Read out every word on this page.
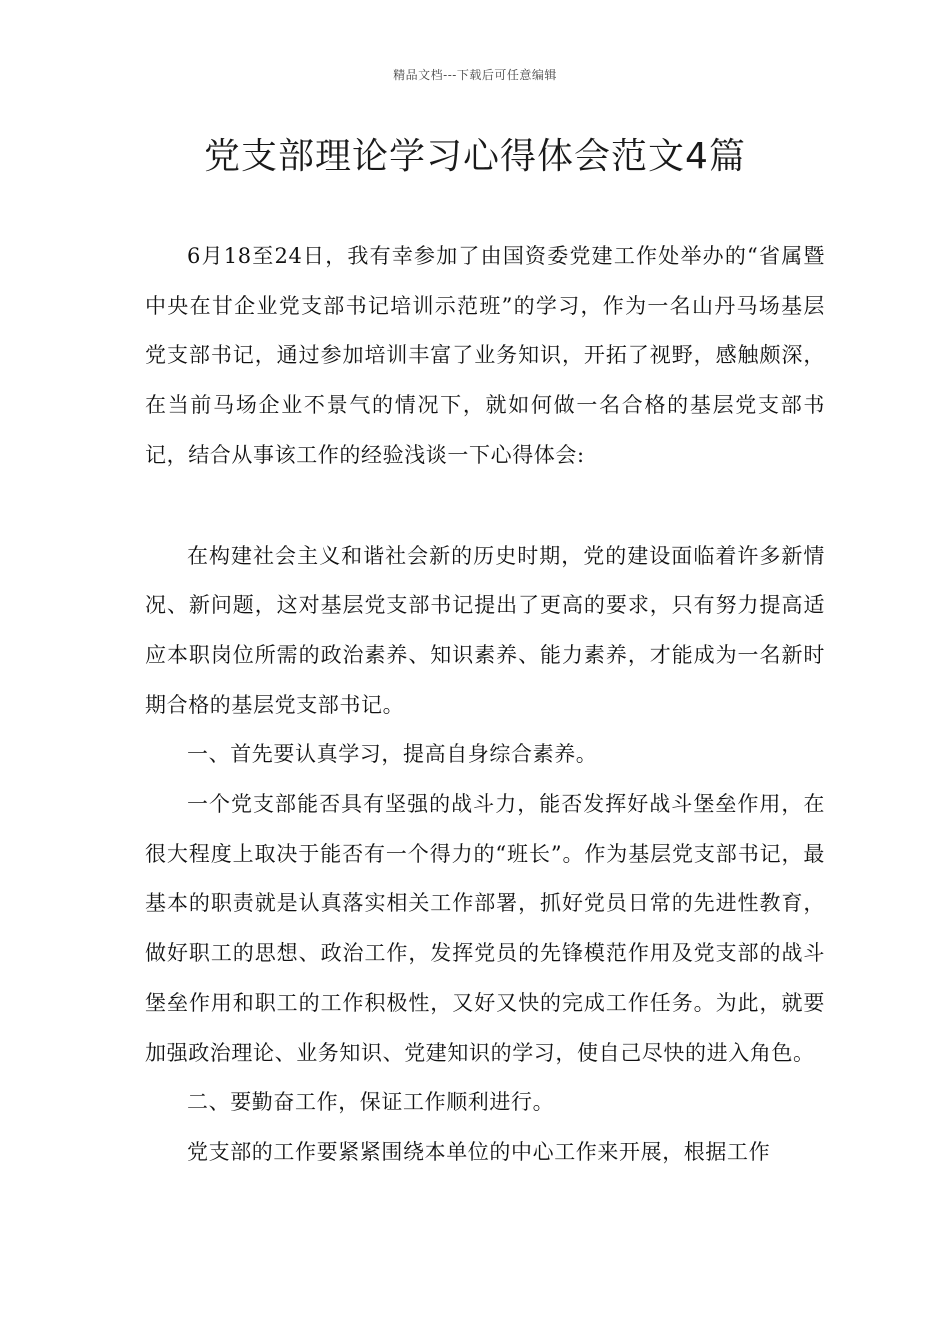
精品文档---下载后可任意编辑
党支部理论学习心得体会范文4篇

6月18至24日，我有幸参加了由国资委党建工作处举办的“省属暨中央在甘企业党支部书记培训示范班”的学习，作为一名山丹马场基层党支部书记，通过参加培训丰富了业务知识，开拓了视野，感触颇深，在当前马场企业不景气的情况下，就如何做一名合格的基层党支部书记，结合从事该工作的经验浅谈一下心得体会:

在构建社会主义和谐社会新的历史时期，党的建设面临着许多新情况、新问题，这对基层党支部书记提出了更高的要求，只有努力提高适应本职岗位所需的政治素养、知识素养、能力素养，才能成为一名新时期合格的基层党支部书记。

一、首先要认真学习，提高自身综合素养。

一个党支部能否具有坚强的战斗力，能否发挥好战斗堡垒作用，在很大程度上取决于能否有一个得力的“班长”。作为基层党支部书记，最基本的职责就是认真落实相关工作部署，抓好党员日常的先进性教育，做好职工的思想、政治工作，发挥党员的先锋模范作用及党支部的战斗堡垒作用和职工的工作积极性，又好又快的完成工作任务。为此，就要加强政治理论、业务知识、党建知识的学习，使自己尽快的进入角色。

二、要勤奋工作，保证工作顺利进行。

党支部的工作要紧紧围绕本单位的中心工作来开展，根据工作
